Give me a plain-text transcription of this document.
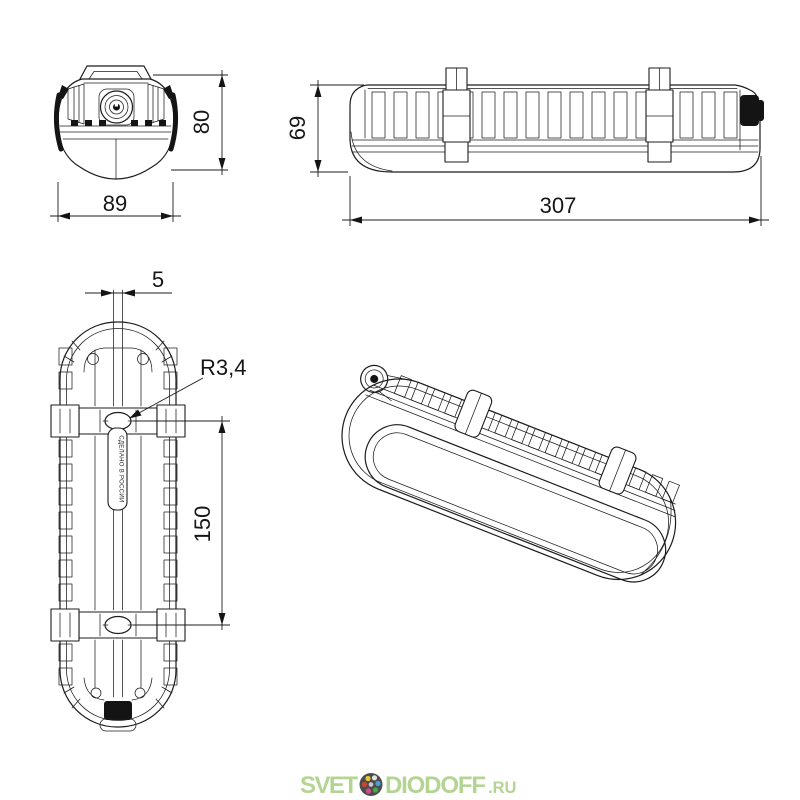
89
80	69
307
СДЕЛАНО В РОССИИ
5
R3,4
150
SVET DIODOFF .RU
